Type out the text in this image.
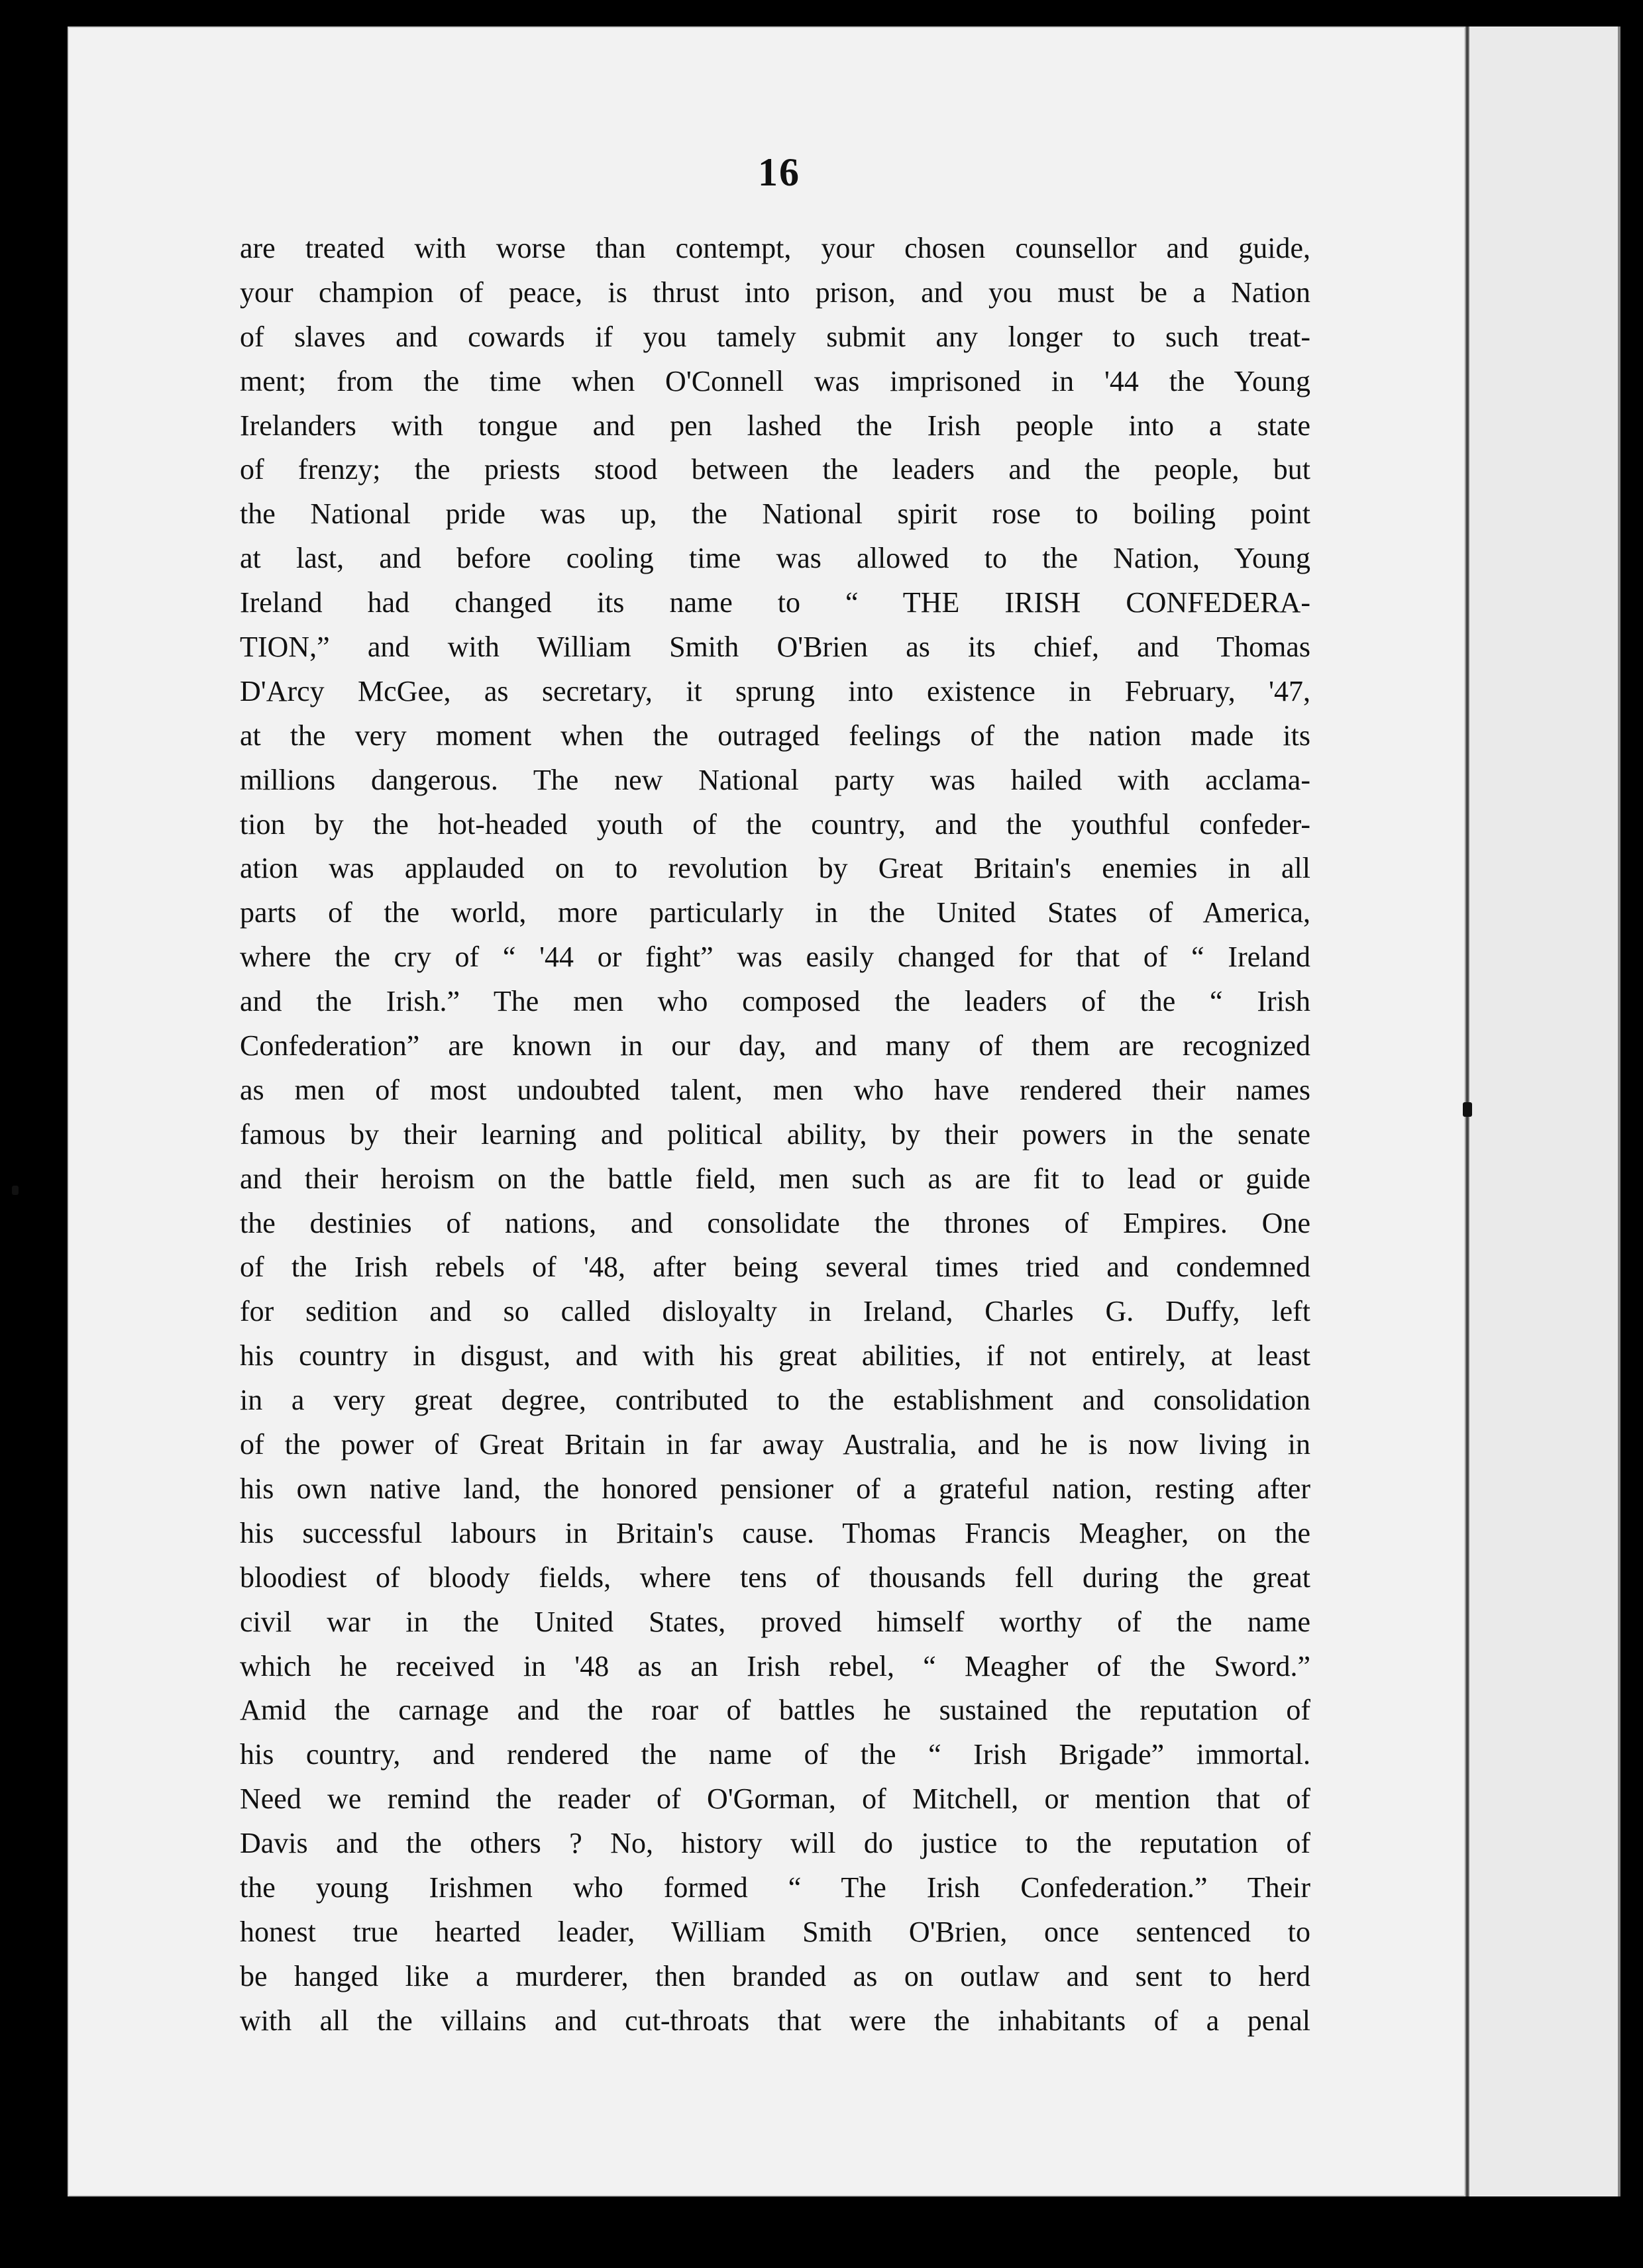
16
are treated with worse than contempt, your chosen counsellor and guide,
your champion of peace, is thrust into prison, and you must be a Nation
of slaves and cowards if you tamely submit any longer to such treat-
ment; from the time when O'Connell was imprisoned in '44 the Young
Irelanders with tongue and pen lashed the Irish people into a state
of frenzy; the priests stood between the leaders and the people, but
the National pride was up, the National spirit rose to boiling point
at last, and before cooling time was allowed to the Nation, Young
Ireland had changed its name to “ THE IRISH CONFEDERA-
TION,” and with William Smith O'Brien as its chief, and Thomas
D'Arcy McGee, as secretary, it sprung into existence in February, '47,
at the very moment when the outraged feelings of the nation made its
millions dangerous. The new National party was hailed with acclama-
tion by the hot-headed youth of the country, and the youthful confeder-
ation was applauded on to revolution by Great Britain's enemies in all
parts of the world, more particularly in the United States of America,
where the cry of “ '44 or fight” was easily changed for that of “ Ireland
and the Irish.” The men who composed the leaders of the “ Irish
Confederation” are known in our day, and many of them are recognized
as men of most undoubted talent, men who have rendered their names
famous by their learning and political ability, by their powers in the senate
and their heroism on the battle field, men such as are fit to lead or guide
the destinies of nations, and consolidate the thrones of Empires. One
of the Irish rebels of '48, after being several times tried and condemned
for sedition and so called disloyalty in Ireland, Charles G. Duffy, left
his country in disgust, and with his great abilities, if not entirely, at least
in a very great degree, contributed to the establishment and consolidation
of the power of Great Britain in far away Australia, and he is now living in
his own native land, the honored pensioner of a grateful nation, resting after
his successful labours in Britain's cause. Thomas Francis Meagher, on the
bloodiest of bloody fields, where tens of thousands fell during the great
civil war in the United States, proved himself worthy of the name
which he received in '48 as an Irish rebel, “ Meagher of the Sword.”
Amid the carnage and the roar of battles he sustained the reputation of
his country, and rendered the name of the “ Irish Brigade” immortal.
Need we remind the reader of O'Gorman, of Mitchell, or mention that of
Davis and the others ? No, history will do justice to the reputation of
the young Irishmen who formed “ The Irish Confederation.” Their
honest true hearted leader, William Smith O'Brien, once sentenced to
be hanged like a murderer, then branded as on outlaw and sent to herd
with all the villains and cut-throats that were the inhabitants of a penal
